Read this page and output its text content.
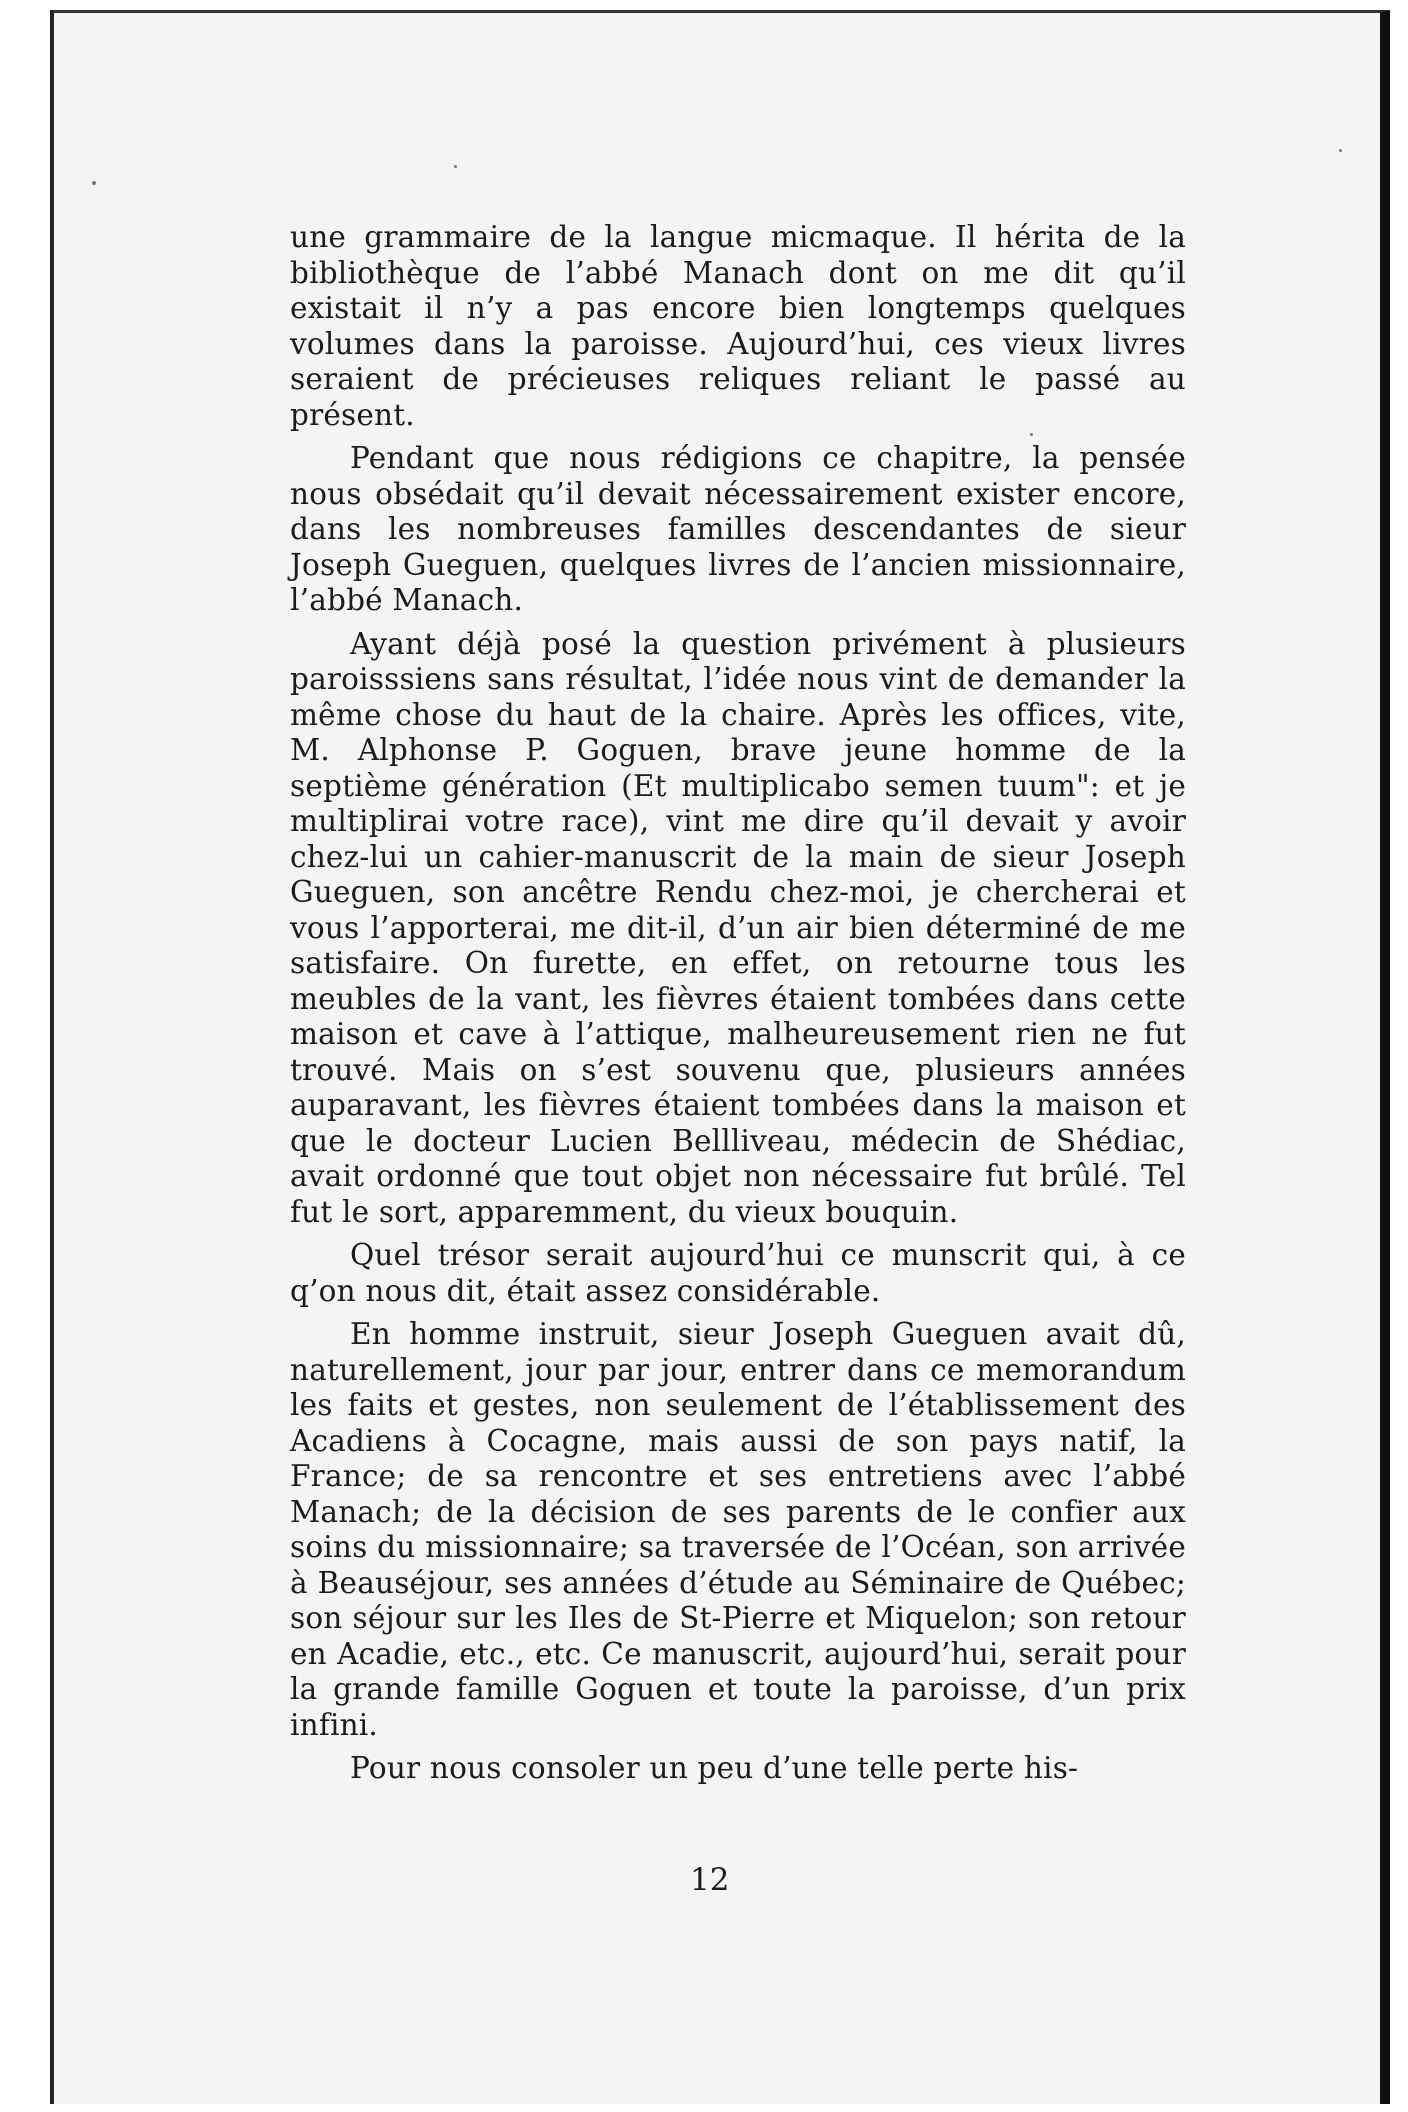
une grammaire de la langue micmaque. Il hérita de la bibliothèque de l’abbé Manach dont on me dit qu’il existait il n’y a pas encore bien longtemps quelques volumes dans la paroisse. Aujourd’hui, ces vieux livres seraient de précieuses reliques reliant le passé au présent.

Pendant que nous rédigions ce chapitre, la pensée nous obsédait qu’il devait nécessairement exister encore, dans les nombreuses familles descendantes de sieur Joseph Gueguen, quelques livres de l’ancien missionnaire, l’abbé Manach.

Ayant déjà posé la question privément à plusieurs paroisssiens sans résultat, l’idée nous vint de demander la même chose du haut de la chaire. Après les offices, vite, M. Alphonse P. Goguen, brave jeune homme de la septième génération (Et multiplicabo semen tuum": et je multiplirai votre race), vint me dire qu’il devait y avoir chez-lui un cahier-manuscrit de la main de sieur Joseph Gueguen, son ancêtre Rendu chez-moi, je chercherai et vous l’apporterai, me dit-il, d’un air bien déterminé de me satisfaire. On furette, en effet, on retourne tous les meubles de la vant, les fièvres étaient tombées dans cette maison et cave à l’attique, malheureusement rien ne fut trouvé. Mais on s’est souvenu que, plusieurs années auparavant, les fièvres étaient tombées dans la maison et que le docteur Lucien Bellliveau, médecin de Shédiac, avait ordonné que tout objet non nécessaire fut brûlé. Tel fut le sort, apparemment, du vieux bouquin.

Quel trésor serait aujourd’hui ce munscrit qui, à ce q’on nous dit, était assez considérable.

En homme instruit, sieur Joseph Gueguen avait dû, naturellement, jour par jour, entrer dans ce memorandum les faits et gestes, non seulement de l’établissement des Acadiens à Cocagne, mais aussi de son pays natif, la France; de sa rencontre et ses entretiens avec l’abbé Manach; de la décision de ses parents de le confier aux soins du missionnaire; sa traversée de l’Océan, son arrivée à Beauséjour, ses années d’étude au Séminaire de Québec; son séjour sur les Iles de St-Pierre et Miquelon; son retour en Acadie, etc., etc. Ce manuscrit, aujourd’hui, serait pour la grande famille Goguen et toute la paroisse, d’un prix infini.

Pour nous consoler un peu d’une telle perte his-

12
